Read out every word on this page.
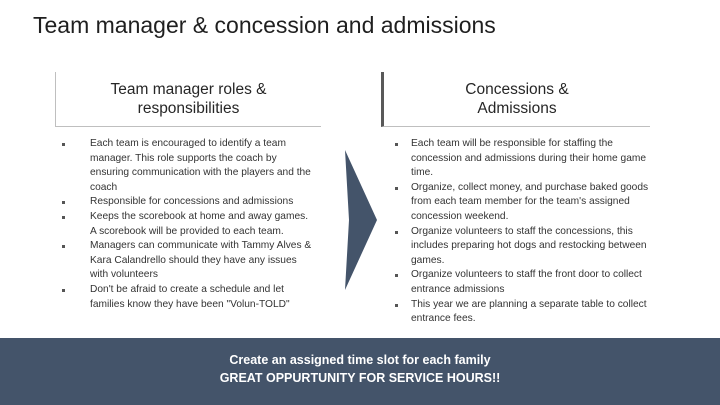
Team manager & concession and admissions
Team manager roles &
responsibilities
Concessions &
Admissions
Each team is encouraged to identify a team manager. This role supports the coach by ensuring communication with the players and the coach
Responsible for concessions and admissions
Keeps the scorebook at home and away games. A scorebook will be provided to each team.
Managers can communicate with Tammy Alves & Kara Calandrello should they have any issues with volunteers
Don't be afraid to create a schedule and let families know they have been "Volun-TOLD"
Each team will be responsible for staffing the concession and admissions during their home game time.
Organize, collect money, and purchase baked goods from each team member for the team's assigned concession weekend.
Organize volunteers to staff the concessions, this includes preparing hot dogs and restocking between games.
Organize volunteers to staff the front door to collect entrance admissions
This year we are planning a separate table to collect entrance fees.
Create an assigned time slot for each family
GREAT OPPURTUNITY FOR SERVICE HOURS!!
